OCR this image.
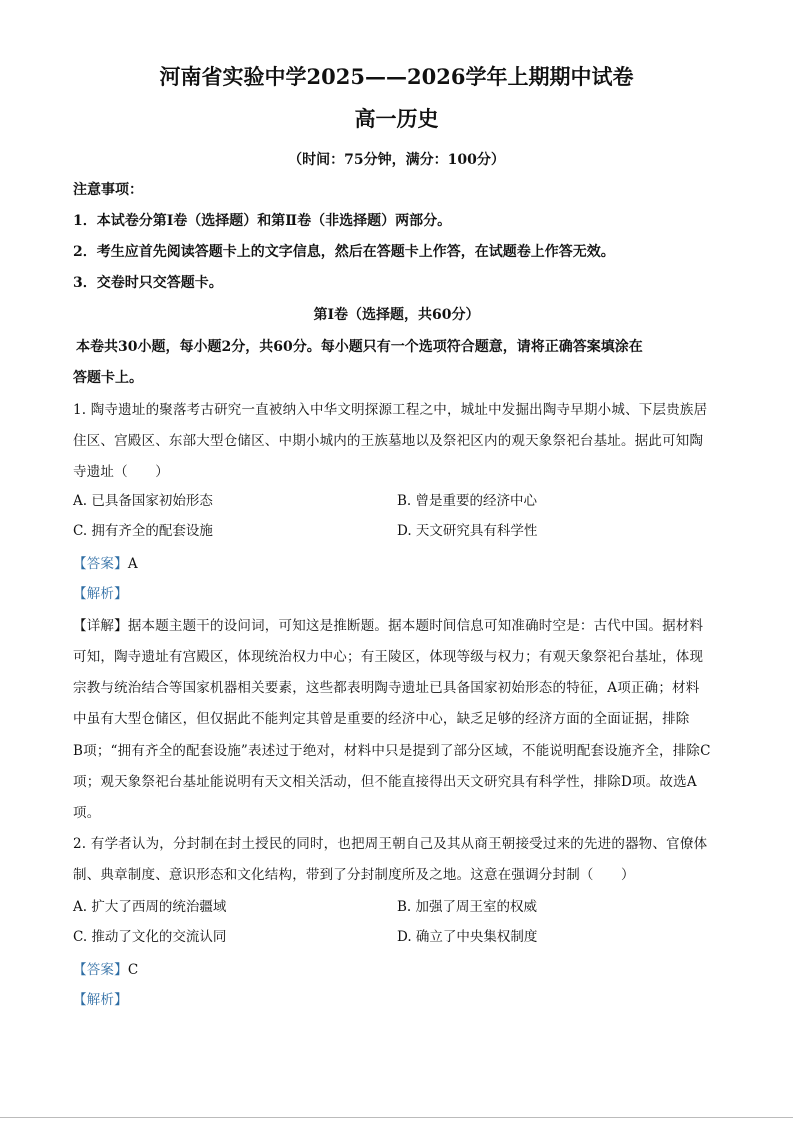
河南省实验中学2025——2026学年上期期中试卷

高一历史

（时间：75分钟，满分：100分）

注意事项：

1．本试卷分第Ⅰ卷（选择题）和第Ⅱ卷（非选择题）两部分。

2．考生应首先阅读答题卡上的文字信息，然后在答题卡上作答，在试题卷上作答无效。

3．交卷时只交答题卡。

第Ⅰ卷（选择题，共60分）

本卷共30小题，每小题2分，共60分。每小题只有一个选项符合题意，请将正确答案填涂在

答题卡上。

1. 陶寺遗址的聚落考古研究一直被纳入中华文明探源工程之中，城址中发掘出陶寺早期小城、下层贵族居

住区、宫殿区、东部大型仓储区、中期小城内的王族墓地以及祭祀区内的观天象祭祀台基址。据此可知陶

寺遗址（　　）

A. 已具备国家初始形态	B. 曾是重要的经济中心

C. 拥有齐全的配套设施	D. 天文研究具有科学性

【答案】A

【解析】

【详解】据本题主题干的设问词，可知这是推断题。据本题时间信息可知准确时空是：古代中国。据材料

可知，陶寺遗址有宫殿区，体现统治权力中心；有王陵区，体现等级与权力；有观天象祭祀台基址，体现

宗教与统治结合等国家机器相关要素，这些都表明陶寺遗址已具备国家初始形态的特征，A项正确；材料

中虽有大型仓储区，但仅据此不能判定其曾是重要的经济中心，缺乏足够的经济方面的全面证据，排除

B项；“拥有齐全的配套设施”表述过于绝对，材料中只是提到了部分区域，不能说明配套设施齐全，排除C

项；观天象祭祀台基址能说明有天文相关活动，但不能直接得出天文研究具有科学性，排除D项。故选A

项。

2. 有学者认为，分封制在封土授民的同时，也把周王朝自己及其从商王朝接受过来的先进的器物、官僚体

制、典章制度、意识形态和文化结构，带到了分封制度所及之地。这意在强调分封制（　　）

A. 扩大了西周的统治疆域	B. 加强了周王室的权威

C. 推动了文化的交流认同	D. 确立了中央集权制度

【答案】C

【解析】
